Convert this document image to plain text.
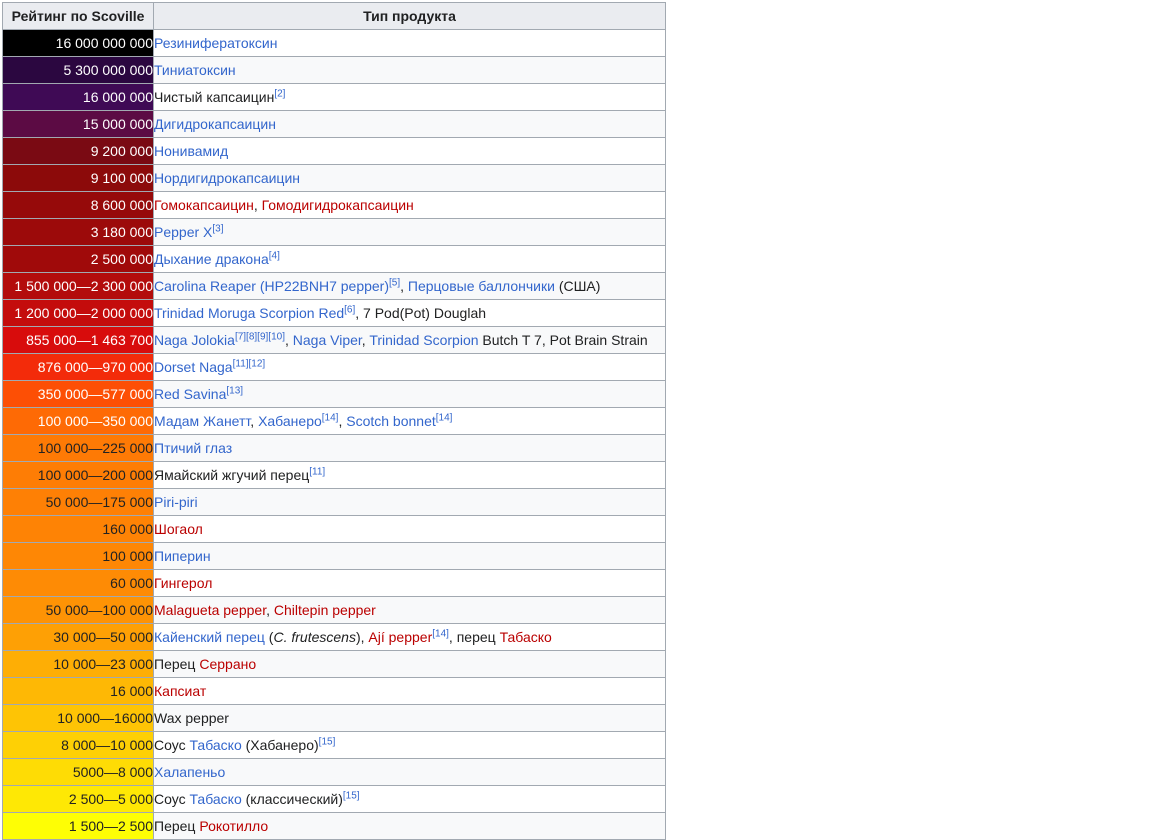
Рейтинг по Scoville	Тип продукта
16 000 000 000	Резинифератоксин
5 300 000 000	Тиниатоксин
16 000 000	Чистый капсаицин[2]
15 000 000	Дигидрокапсаицин
9 200 000	Нонивамид
9 100 000	Нордигидрокапсаицин
8 600 000	Гомокапсаицин, Гомодигидрокапсаицин
3 180 000	Pepper X[3]
2 500 000	Дыхание дракона[4]
1 500 000—2 300 000	Carolina Reaper (HP22BNH7 pepper)[5], Перцовые баллончики (США)
1 200 000—2 000 000	Trinidad Moruga Scorpion Red[6], 7 Pod(Pot) Douglah
855 000—1 463 700	Naga Jolokia[7][8][9][10], Naga Viper, Trinidad Scorpion Butch T 7, Pot Brain Strain
876 000—970 000	Dorset Naga[11][12]
350 000—577 000	Red Savina[13]
100 000—350 000	Мадам Жанетт, Хабанеро[14], Scotch bonnet[14]
100 000—225 000	Птичий глаз
100 000—200 000	Ямайский жгучий перец[11]
50 000—175 000	Piri-piri
160 000	Шогаол
100 000	Пиперин
60 000	Гингерол
50 000—100 000	Malagueta pepper, Chiltepin pepper
30 000—50 000	Кайенский перец (C. frutescens), Ají pepper[14], перец Табаско
10 000—23 000	Перец Серрано
16 000	Капсиат
10 000—16000	Wax pepper
8 000—10 000	Соус Табаско (Хабанеро)[15]
5000—8 000	Халапеньо
2 500—5 000	Соус Табаско (классический)[15]
1 500—2 500	Перец Рокотилло
